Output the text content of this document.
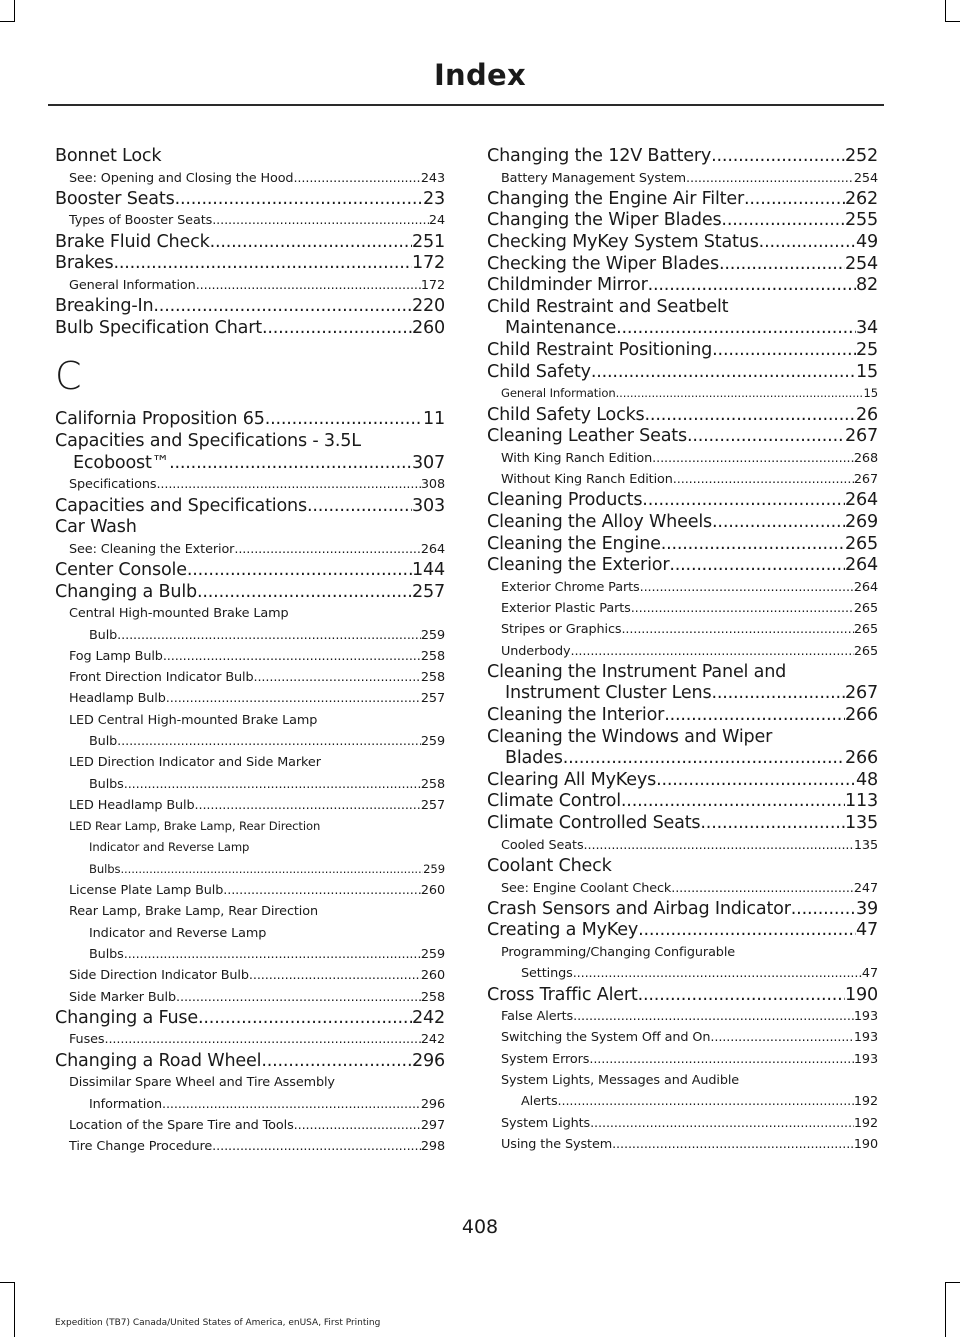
Index
Bonnet Lock
See: Opening and Closing the Hood .....	243
Booster Seats .....	23
Types of Booster Seats .....	24
Brake Fluid Check .....	251
Brakes .....	172
General Information .....	172
Breaking-In .....	220
Bulb Specification Chart .....	260
C
California Proposition 65 .....	11
Capacities and Specifications - 3.5L
Ecoboost™ .....	307
Specifications .....	308
Capacities and Specifications .....	303
Car Wash
See: Cleaning the Exterior .....	264
Center Console .....	144
Changing a Bulb .....	257
Central High-mounted Brake Lamp
Bulb .....	259
Fog Lamp Bulb .....	258
Front Direction Indicator Bulb .....	258
Headlamp Bulb .....	257
LED Central High-mounted Brake Lamp
Bulb .....	259
LED Direction Indicator and Side Marker
Bulbs .....	258
LED Headlamp Bulb .....	257
LED Rear Lamp, Brake Lamp, Rear Direction
Indicator and Reverse Lamp
Bulbs .....	259
License Plate Lamp Bulb .....	260
Rear Lamp, Brake Lamp, Rear Direction
Indicator and Reverse Lamp
Bulbs .....	259
Side Direction Indicator Bulb .....	260
Side Marker Bulb .....	258
Changing a Fuse .....	242
Fuses .....	242
Changing a Road Wheel .....	296
Dissimilar Spare Wheel and Tire Assembly
Information .....	296
Location of the Spare Tire and Tools .....	297
Tire Change Procedure .....	298
Changing the 12V Battery .....	252
Battery Management System .....	254
Changing the Engine Air Filter .....	262
Changing the Wiper Blades .....	255
Checking MyKey System Status .....	49
Checking the Wiper Blades .....	254
Childminder Mirror .....	82
Child Restraint and Seatbelt
Maintenance .....	34
Child Restraint Positioning .....	25
Child Safety .....	15
General Information .....	15
Child Safety Locks .....	26
Cleaning Leather Seats .....	267
With King Ranch Edition .....	268
Without King Ranch Edition .....	267
Cleaning Products .....	264
Cleaning the Alloy Wheels .....	269
Cleaning the Engine .....	265
Cleaning the Exterior .....	264
Exterior Chrome Parts .....	264
Exterior Plastic Parts .....	265
Stripes or Graphics .....	265
Underbody .....	265
Cleaning the Instrument Panel and
Instrument Cluster Lens .....	267
Cleaning the Interior .....	266
Cleaning the Windows and Wiper
Blades .....	266
Clearing All MyKeys .....	48
Climate Control .....	113
Climate Controlled Seats .....	135
Cooled Seats .....	135
Coolant Check
See: Engine Coolant Check .....	247
Crash Sensors and Airbag Indicator .....	39
Creating a MyKey .....	47
Programming/Changing Configurable
Settings .....	47
Cross Traffic Alert .....	190
False Alerts .....	193
Switching the System Off and On .....	193
System Errors .....	193
System Lights, Messages and Audible
Alerts .....	192
System Lights .....	192
Using the System .....	190
408
Expedition (TB7) Canada/United States of America, enUSA, First Printing
